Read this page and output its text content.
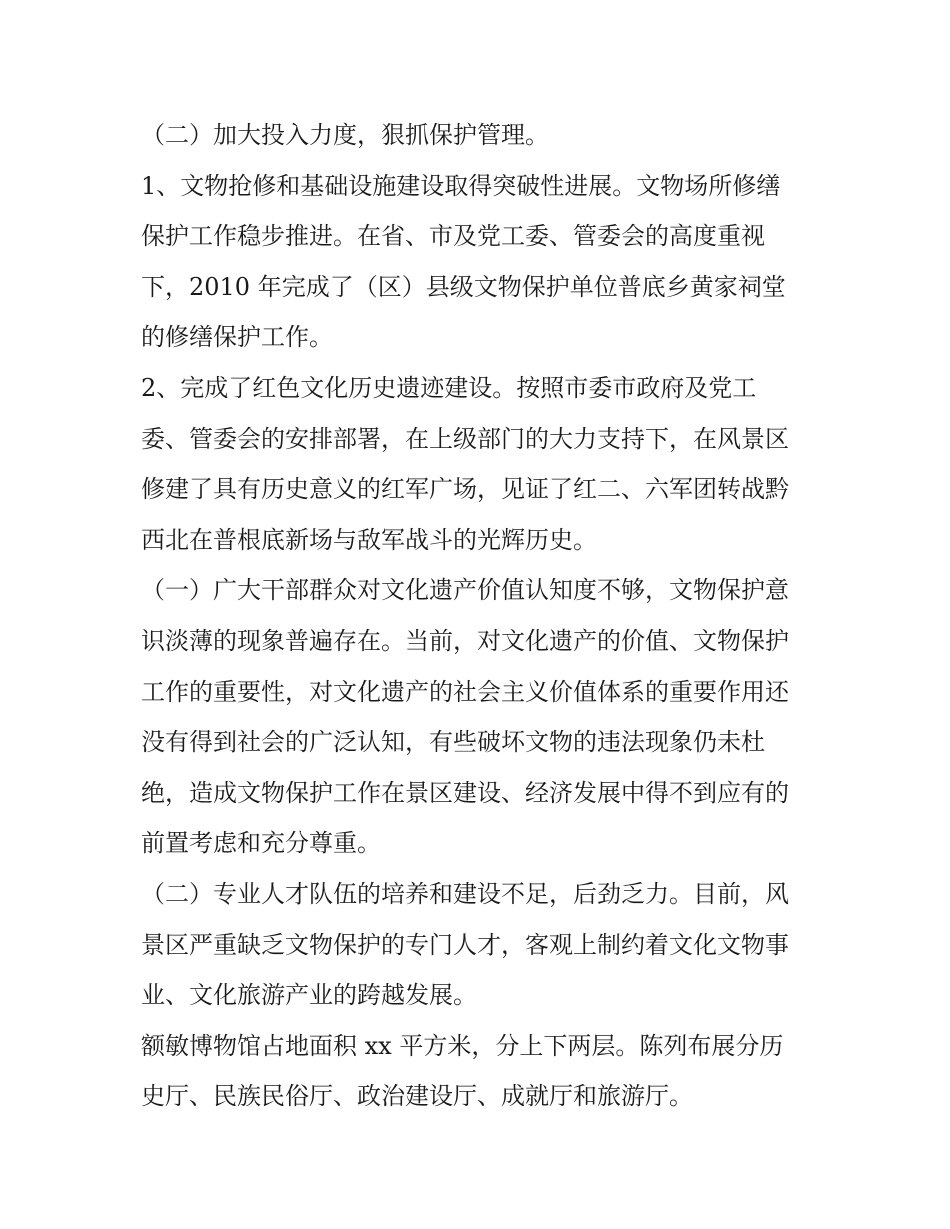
（二）加大投入力度，狠抓保护管理。
1、文物抢修和基础设施建设取得突破性进展。文物场所修缮
保护工作稳步推进。在省、市及党工委、管委会的高度重视
下，2010 年完成了（区）县级文物保护单位普底乡黄家祠堂
的修缮保护工作。
2、完成了红色文化历史遗迹建设。按照市委市政府及党工
委、管委会的安排部署，在上级部门的大力支持下，在风景区
修建了具有历史意义的红军广场，见证了红二、六军团转战黔
西北在普根底新场与敌军战斗的光辉历史。
（一）广大干部群众对文化遗产价值认知度不够，文物保护意
识淡薄的现象普遍存在。当前，对文化遗产的价值、文物保护
工作的重要性，对文化遗产的社会主义价值体系的重要作用还
没有得到社会的广泛认知，有些破坏文物的违法现象仍未杜
绝，造成文物保护工作在景区建设、经济发展中得不到应有的
前置考虑和充分尊重。
（二）专业人才队伍的培养和建设不足，后劲乏力。目前，风
景区严重缺乏文物保护的专门人才，客观上制约着文化文物事
业、文化旅游产业的跨越发展。
额敏博物馆占地面积 xx 平方米，分上下两层。陈列布展分历
史厅、民族民俗厅、政治建设厅、成就厅和旅游厅。
